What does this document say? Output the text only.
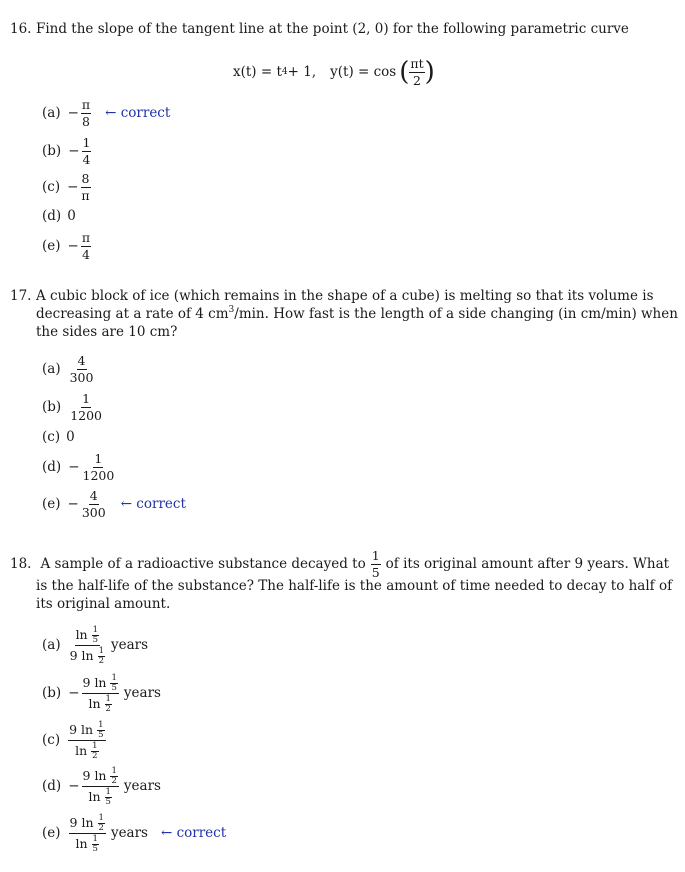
16. Find the slope of the tangent line at the point (2, 0) for the following parametric curve
x(t) = t 4 + 1, y(t) = cos ( $\frac{\pi t}{2}$ )
$(a) - \frac{\pi}{8}$ ← correct
$(b) - \frac{1}{4}$
$(c) - \frac{8}{\pi}$
(d) 0
$(e) - \frac{\pi}{4}$
17. A cubic block of ice (which remains in the shape of a cube) is melting so that its volume is
decreasing at a rate of 4 $cm^3/\min$. How fast is the length of a side changing (in cm/min) when
the sides are 10 cm?
$(a) \frac{4}{300}$
$(b) \frac{1}{1200}$
(c) 0
$(d) - \frac{1}{1200}$
$(e) - \frac{4}{300}$ ← correct
18. A sample of a radioactive substance decayed to $\frac{1}{5}$ of its original amount after 9 years. What
is the half-life of the substance? The half-life is the amount of time needed to decay to half of
its original amount.
$(a) \frac{\ln \frac{1}{5}}{9 \ln \frac{1}{2}}$ years
$(b) - \frac{9 \ln \frac{1}{5}}{\ln \frac{1}{2}}$ years
$(c) \frac{9 \ln \frac{1}{5}}{\ln \frac{1}{2}}$
$(d) - \frac{9 \ln \frac{1}{2}}{\ln \frac{1}{5}}$ years
$(e) \frac{9 \ln \frac{1}{2}}{\ln \frac{1}{5}}$ years ← correct
